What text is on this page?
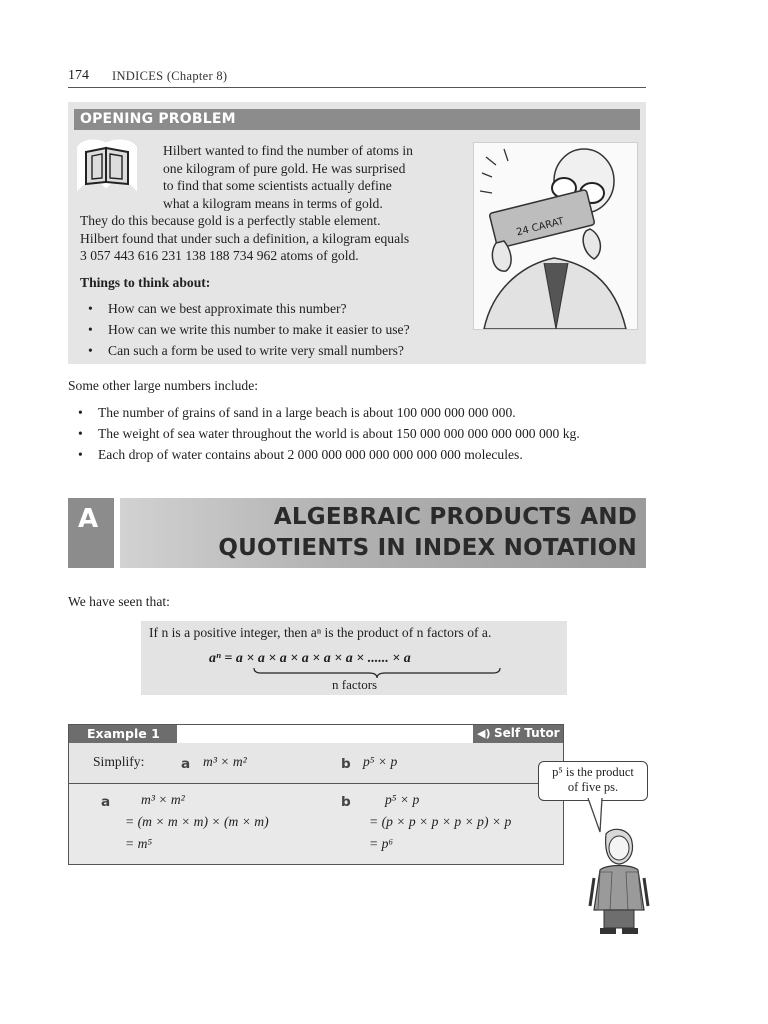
174 INDICES (Chapter 8)
OPENING PROBLEM
Hilbert wanted to find the number of atoms in
one kilogram of pure gold. He was surprised
to find that some scientists actually define
what a kilogram means in terms of gold.
They do this because gold is a perfectly stable element.
Hilbert found that under such a definition, a kilogram equals
3 057 443 616 231 138 188 734 962 atoms of gold.
24 CARAT
Things to think about:
• How can we best approximate this number?
• How can we write this number to make it easier to use?
• Can such a form be used to write very small numbers?
Some other large numbers include:
• The number of grains of sand in a large beach is about 100 000 000 000 000.
• The weight of sea water throughout the world is about 150 000 000 000 000 000 000 kg.
• Each drop of water contains about 2 000 000 000 000 000 000 000 molecules.
A	ALGEBRAIC PRODUCTS AND
QUOTIENTS IN INDEX NOTATION
We have seen that:
If n is a positive integer, then aⁿ is the product of n factors of a.
aⁿ = a × a × a × a × a × a × ...... × a
n factors
Example 1	◀) Self Tutor
Simplify:	a m³ × m²	b p⁵ × p
a m³ × m²
= (m × m × m) × (m × m)
= m⁵
b	p⁵ × p
= (p × p × p × p × p) × p
= p⁶
p⁵ is the product
of five ps.
